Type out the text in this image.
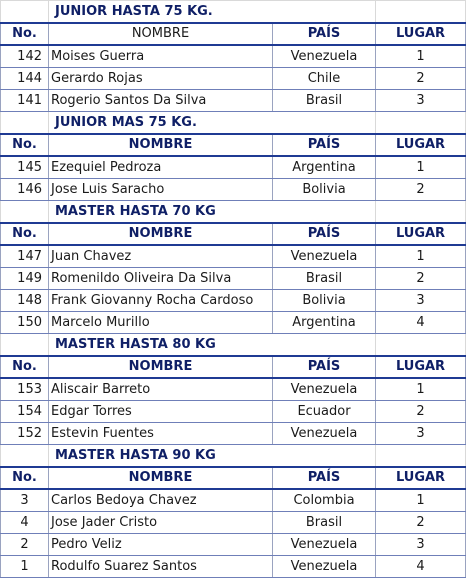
	JUNIOR HASTA 75 KG.		
No.	NOMBRE	PAÍS	LUGAR
142	Moises Guerra	Venezuela	1
144	Gerardo Rojas	Chile	2
141	Rogerio Santos Da Silva	Brasil	3
	JUNIOR MAS 75 KG.		
No.	NOMBRE	PAÍS	LUGAR
145	Ezequiel Pedroza	Argentina	1
146	Jose Luis Saracho	Bolivia	2
	MASTER HASTA 70 KG		
No.	NOMBRE	PAÍS	LUGAR
147	Juan Chavez	Venezuela	1
149	Romenildo Oliveira Da Silva	Brasil	2
148	Frank Giovanny Rocha Cardoso	Bolivia	3
150	Marcelo Murillo	Argentina	4
	MASTER HASTA 80 KG		
No.	NOMBRE	PAÍS	LUGAR
153	Aliscair Barreto	Venezuela	1
154	Edgar Torres	Ecuador	2
152	Estevin Fuentes	Venezuela	3
	MASTER HASTA 90 KG		
No.	NOMBRE	PAÍS	LUGAR
3	Carlos Bedoya Chavez	Colombia	1
4	Jose Jader Cristo	Brasil	2
2	Pedro Veliz	Venezuela	3
1	Rodulfo Suarez Santos	Venezuela	4
